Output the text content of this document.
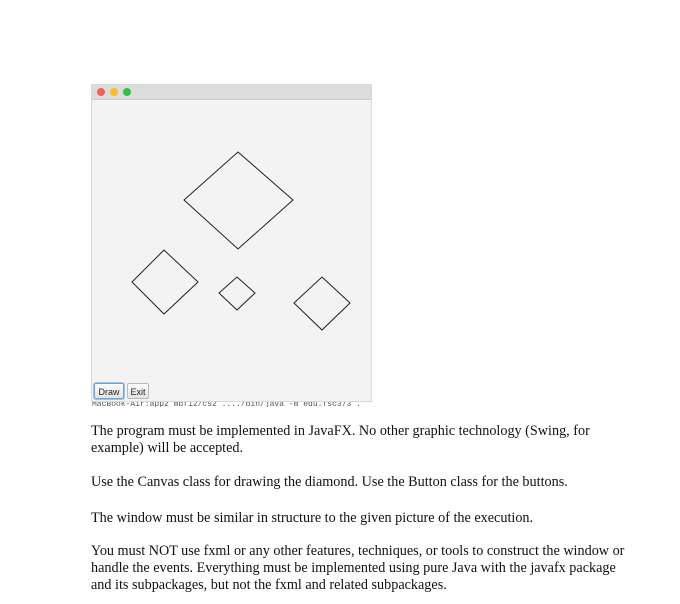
Draw	Exit
MacBook-Air:app2 mbf12/cs2 ..../bin/java -m edu.fsc373 .

The program must be implemented in JavaFX. No other graphic technology (Swing, for example) will be accepted.

Use the Canvas class for drawing the diamond. Use the Button class for the buttons.

The window must be similar in structure to the given picture of the execution.

You must NOT use fxml or any other features, techniques, or tools to construct the window or handle the events. Everything must be implemented using pure Java with the javafx package and its subpackages, but not the fxml and related subpackages.
